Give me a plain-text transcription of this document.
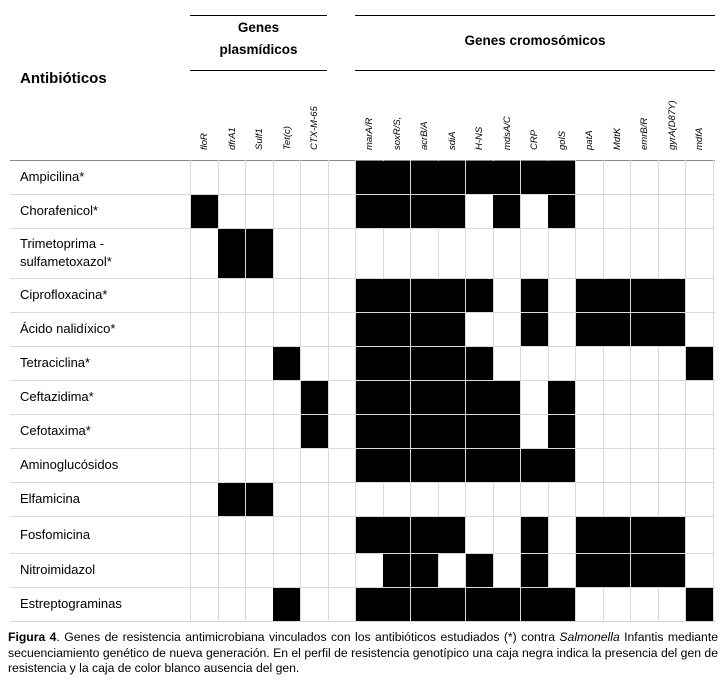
Genes
plasmídicos
Genes cromosómicos
Antibióticos
floR dfrA1 Sulf1 Tet(c) CTX-M-65	marA/R soxR/S, acrB/A sdiA H-NS mdsA/C CRP golS patA MdtK emrB/R gyrA(D87Y) mdfA
Ampicilina*
Chorafenicol*
Trimetoprima - sulfametoxazol*
Ciprofloxacina*
Ácido nalidíxico*
Tetraciclina*
Ceftazidima*
Cefotaxima*
Aminoglucósidos
Elfamicina
Fosfomicina
Nitroimidazol
Estreptograminas
Figura 4. Genes de resistencia antimicrobiana vinculados con los antibióticos estudiados (*) contra Salmonella Infantis mediante secuenciamiento genético de nueva generación. En el perfil de resistencia genotípico una caja negra indica la presencia del gen de resistencia y la caja de color blanco ausencia del gen.
